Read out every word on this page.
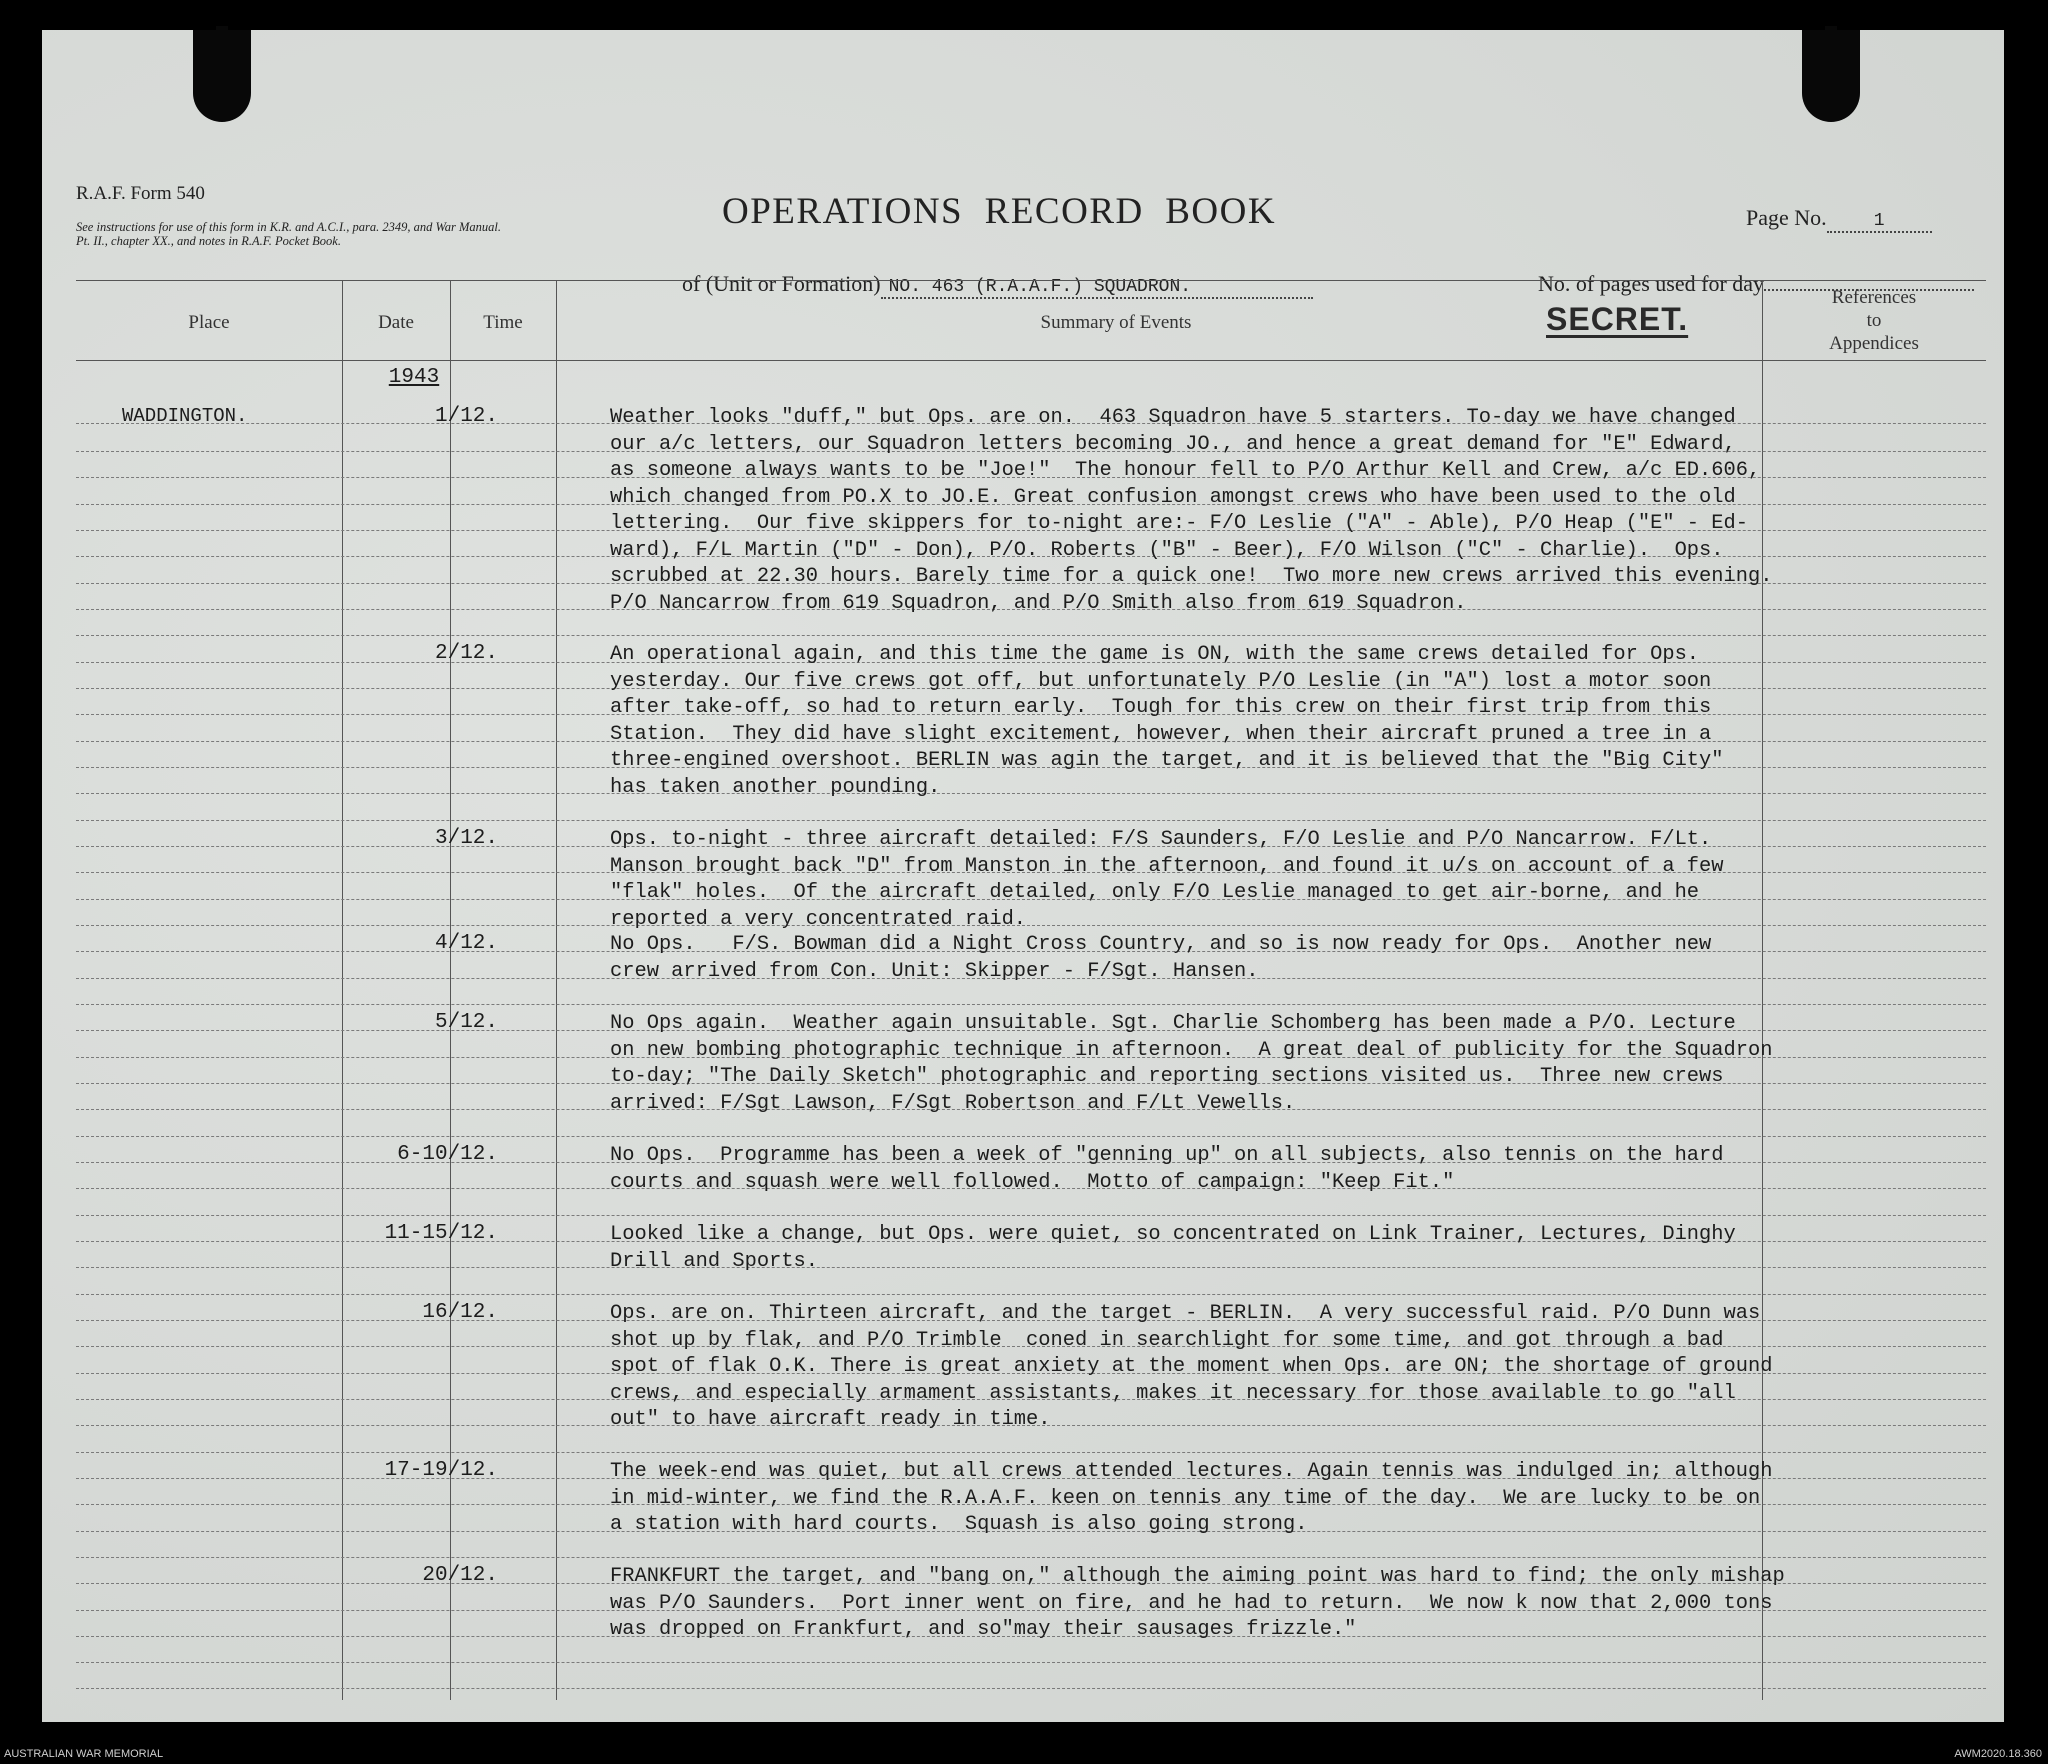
R.A.F. Form 540
See instructions for use of this form in K.R. and A.C.I., para. 2349, and War Manual. Pt. II., chapter XX., and notes in R.A.F. Pocket Book.
OPERATIONS  RECORD  BOOK	Page No.	1
of (Unit or Formation) NO. 463 (R.A.A.F.) SQUADRON.	No. of pages used for day
Place	Date	Time	Summary of Events	SECRET.
References
to
Appendices
1943
WADDINGTON.	1/12.	Weather looks "duff," but Ops. are on.  463 Squadron have 5 starters. To-day we have changed
our a/c letters, our Squadron letters becoming JO., and hence a great demand for "E" Edward,
as someone always wants to be "Joe!"  The honour fell to P/O Arthur Kell and Crew, a/c ED.606,
which changed from PO.X to JO.E. Great confusion amongst crews who have been used to the old
lettering.  Our five skippers for to-night are:- F/O Leslie ("A" - Able), P/O Heap ("E" - Ed-
ward), F/L Martin ("D" - Don), P/O. Roberts ("B" - Beer), F/O Wilson ("C" - Charlie).  Ops.
scrubbed at 22.30 hours. Barely time for a quick one!  Two more new crews arrived this evening.
P/O Nancarrow from 619 Squadron, and P/O Smith also from 619 Squadron.
2/12.	An operational again, and this time the game is ON, with the same crews detailed for Ops.
yesterday. Our five crews got off, but unfortunately P/O Leslie (in "A") lost a motor soon
after take-off, so had to return early.  Tough for this crew on their first trip from this
Station.  They did have slight excitement, however, when their aircraft pruned a tree in a
three-engined overshoot. BERLIN was agin the target, and it is believed that the "Big City"
has taken another pounding.
3/12.	Ops. to-night - three aircraft detailed: F/S Saunders, F/O Leslie and P/O Nancarrow. F/Lt.
Manson brought back "D" from Manston in the afternoon, and found it u/s on account of a few
"flak" holes.  Of the aircraft detailed, only F/O Leslie managed to get air-borne, and he
reported a very concentrated raid.
4/12.	No Ops.   F/S. Bowman did a Night Cross Country, and so is now ready for Ops.  Another new
crew arrived from Con. Unit: Skipper - F/Sgt. Hansen.
5/12.	No Ops again.  Weather again unsuitable. Sgt. Charlie Schomberg has been made a P/O. Lecture
on new bombing photographic technique in afternoon.  A great deal of publicity for the Squadron
to-day; "The Daily Sketch" photographic and reporting sections visited us.  Three new crews
arrived: F/Sgt Lawson, F/Sgt Robertson and F/Lt Vewells.
6-10/12.	No Ops.  Programme has been a week of "genning up" on all subjects, also tennis on the hard
courts and squash were well followed.  Motto of campaign: "Keep Fit."
11-15/12.	Looked like a change, but Ops. were quiet, so concentrated on Link Trainer, Lectures, Dinghy
Drill and Sports.
16/12.	Ops. are on. Thirteen aircraft, and the target - BERLIN.  A very successful raid. P/O Dunn was
shot up by flak, and P/O Trimble  coned in searchlight for some time, and got through a bad
spot of flak O.K. There is great anxiety at the moment when Ops. are ON; the shortage of ground
crews, and especially armament assistants, makes it necessary for those available to go "all
out" to have aircraft ready in time.
17-19/12.	The week-end was quiet, but all crews attended lectures. Again tennis was indulged in; although
in mid-winter, we find the R.A.A.F. keen on tennis any time of the day.  We are lucky to be on
a station with hard courts.  Squash is also going strong.
20/12.	FRANKFURT the target, and "bang on," although the aiming point was hard to find; the only mishap
was P/O Saunders.  Port inner went on fire, and he had to return.  We now k now that 2,000 tons
was dropped on Frankfurt, and so"may their sausages frizzle."
AUSTRALIAN WAR MEMORIAL	AWM2020.18.360
